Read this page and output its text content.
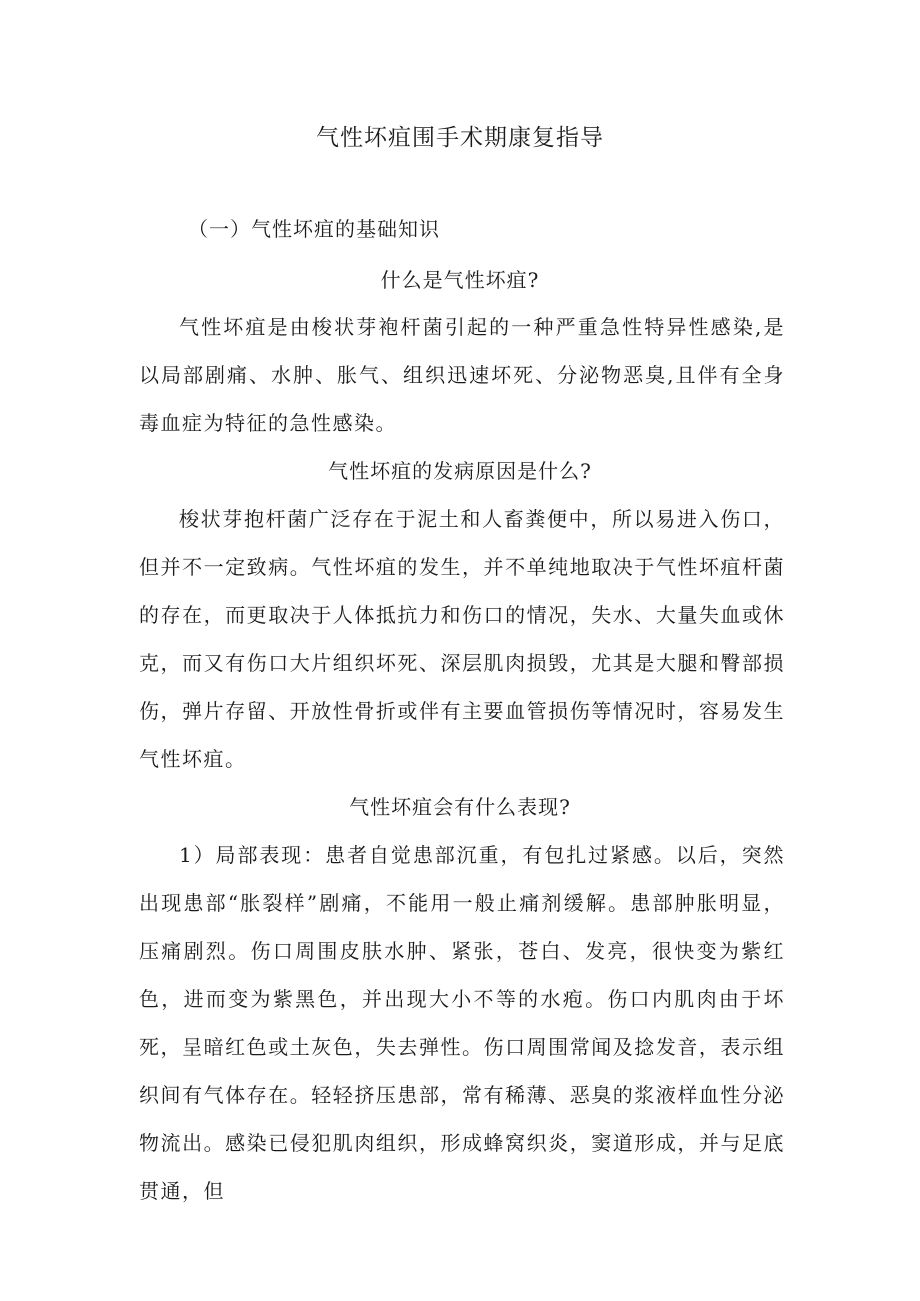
气性坏疽围手术期康复指导
（一）气性坏疽的基础知识
什么是气性坏疽?

气性坏疽是由梭状芽袍杆菌引起的一种严重急性特异性感染,是以局部剧痛、水肿、胀气、组织迅速坏死、分泌物恶臭,且伴有全身毒血症为特征的急性感染。

气性坏疽的发病原因是什么?

梭状芽抱杆菌广泛存在于泥土和人畜粪便中，所以易进入伤口，但并不一定致病。气性坏疽的发生，并不单纯地取决于气性坏疽杆菌的存在，而更取决于人体抵抗力和伤口的情况，失水、大量失血或休克，而又有伤口大片组织坏死、深层肌肉损毁，尤其是大腿和臀部损伤，弹片存留、开放性骨折或伴有主要血管损伤等情况时，容易发生气性坏疽。

气性坏疽会有什么表现?

1）局部表现：患者自觉患部沉重，有包扎过紧感。以后，突然出现患部“胀裂样”剧痛，不能用一般止痛剂缓解。患部肿胀明显，压痛剧烈。伤口周围皮肤水肿、紧张，苍白、发亮，很快变为紫红色，进而变为紫黑色，并出现大小不等的水疱。伤口内肌肉由于坏死，呈暗红色或土灰色，失去弹性。伤口周围常闻及捻发音，表示组织间有气体存在。轻轻挤压患部，常有稀薄、恶臭的浆液样血性分泌物流出。感染已侵犯肌肉组织，形成蜂窝织炎，窦道形成，并与足底贯通，但
